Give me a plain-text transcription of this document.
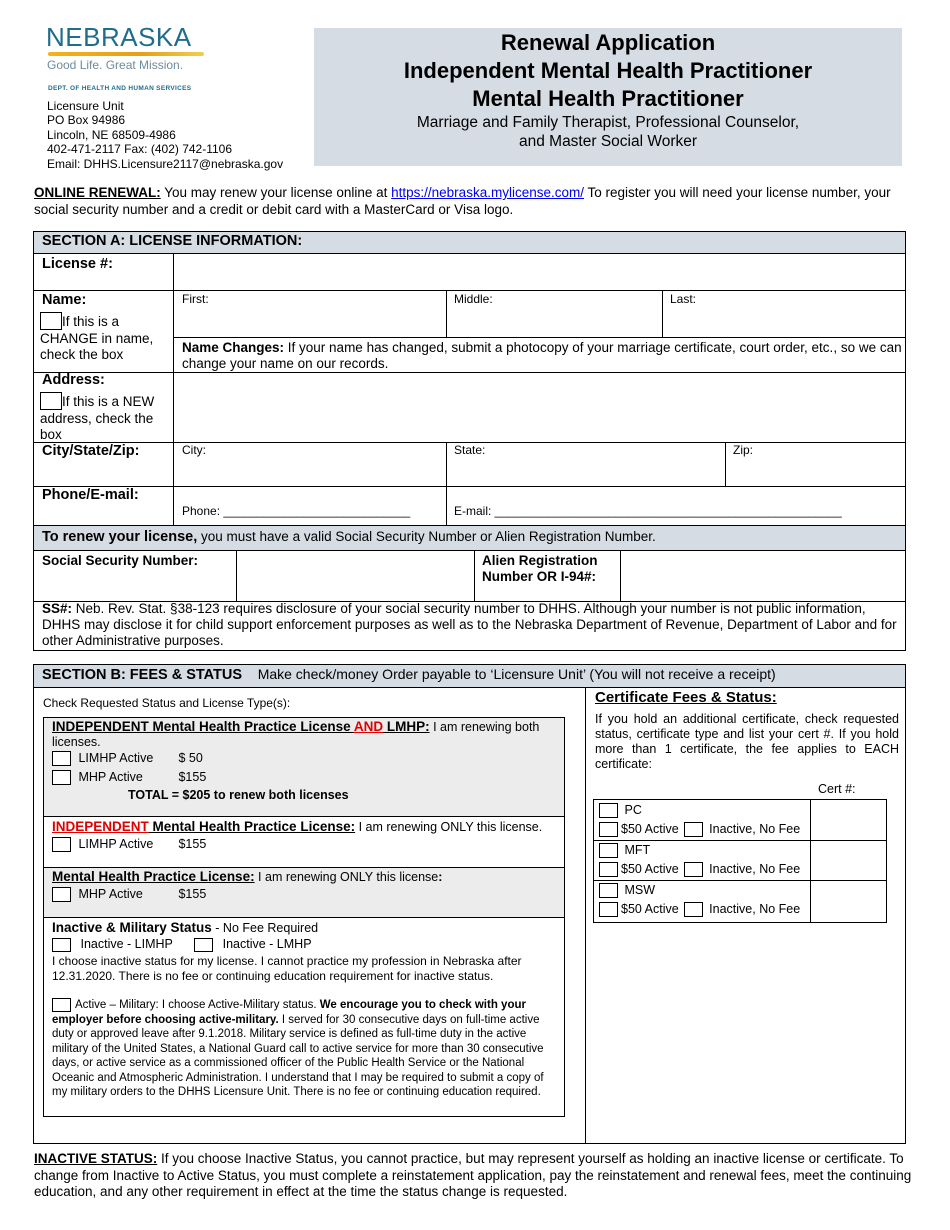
NEBRASKA
Good Life. Great Mission.
DEPT. OF HEALTH AND HUMAN SERVICES
Licensure Unit
PO Box 94986
Lincoln, NE 68509-4986
402-471-2117 Fax: (402) 742-1106
Email: DHHS.Licensure2117@nebraska.gov
Renewal Application
Independent Mental Health Practitioner
Mental Health Practitioner
Marriage and Family Therapist, Professional Counselor,
and Master Social Worker
ONLINE RENEWAL: You may renew your license online at https://nebraska.mylicense.com/ To register you will need your license number, your social security number and a credit or debit card with a MasterCard or Visa logo.
SECTION A: LICENSE INFORMATION:
License #:
Name:
If this is a CHANGE in name, check the box
First:	Middle:	Last:
Name Changes: If your name has changed, submit a photocopy of your marriage certificate, court order, etc., so we can change your name on our records.
Address:
If this is a NEW address, check the box
City/State/Zip:	City:	State:	Zip:
Phone/E-mail:
Phone: ____________________________	E-mail: ____________________________________________________
To renew your license, you must have a valid Social Security Number or Alien Registration Number.
Social Security Number:	Alien Registration
Number OR I-94#:
SS#: Neb. Rev. Stat. §38-123 requires disclosure of your social security number to DHHS. Although your number is not public information, DHHS may disclose it for child support enforcement purposes as well as to the Nebraska Department of Revenue, Department of Labor and for other Administrative purposes.
SECTION B: FEES & STATUS Make check/money Order payable to ‘Licensure Unit’ (You will not receive a receipt)
Check Requested Status and License Type(s):
INDEPENDENT Mental Health Practice License AND LMHP: I am renewing both licenses.
LIMHP Active $ 50
MHP Active	$155
TOTAL = $205 to renew both licenses
INDEPENDENT Mental Health Practice License: I am renewing ONLY this license.
LIMHP Active $155
Mental Health Practice License: I am renewing ONLY this license:
MHP Active	$155
Inactive & Military Status - No Fee Required
Inactive - LIMHP	Inactive - LMHP
I choose inactive status for my license. I cannot practice my profession in Nebraska after 12.31.2020. There is no fee or continuing education requirement for inactive status.
Active – Military: I choose Active-Military status. We encourage you to check with your employer before choosing active-military. I served for 30 consecutive days on full-time active duty or approved leave after 9.1.2018. Military service is defined as full-time duty in the active military of the United States, a National Guard call to active service for more than 30 consecutive days, or active service as a commissioned officer of the Public Health Service or the National Oceanic and Atmospheric Administration. I understand that I may be required to submit a copy of my military orders to the DHHS Licensure Unit. There is no fee or continuing education required.
Certificate Fees & Status:
If you hold an additional certificate, check requested status, certificate type and list your cert #. If you hold more than 1 certificate, the fee applies to EACH certificate:
Cert #:
PC
$50 Active Inactive, No Fee
MFT
$50 Active Inactive, No Fee
MSW
$50 Active Inactive, No Fee
INACTIVE STATUS: If you choose Inactive Status, you cannot practice, but may represent yourself as holding an inactive license or certificate. To change from Inactive to Active Status, you must complete a reinstatement application, pay the reinstatement and renewal fees, meet the continuing education, and any other requirement in effect at the time the status change is requested.
